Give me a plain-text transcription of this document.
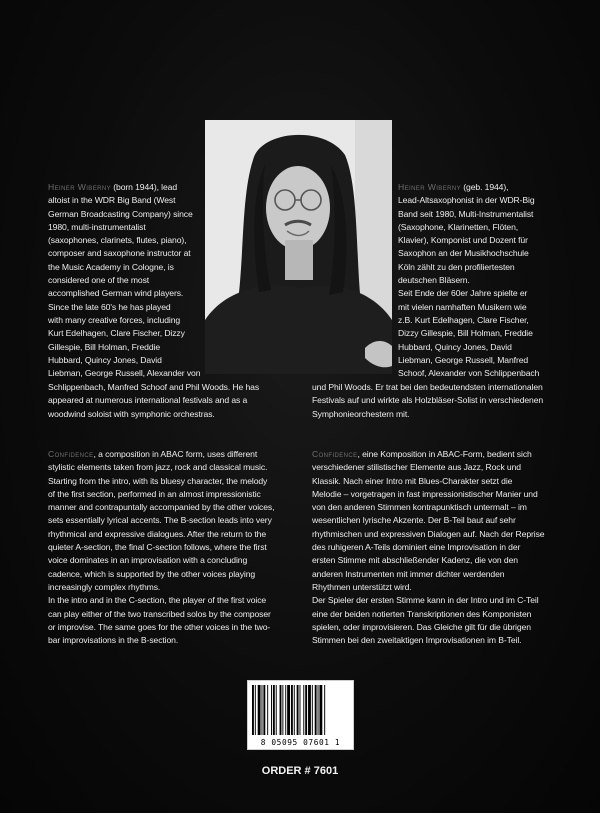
Heiner Wiberny (born 1944), lead

altoist in the WDR Big Band (West

German Broadcasting Company) since

1980, multi-instrumentalist

(saxophones, clarinets, flutes, piano),

composer and saxophone instructor at

the Music Academy in Cologne, is

considered one of the most

accomplished German wind players.

Since the late 60's he has played

with many creative forces, including

Kurt Edelhagen, Clare Fischer, Dizzy

Gillespie, Bill Holman, Freddie

Hubbard, Quincy Jones, David

Liebman, George Russell, Alexander von

Schlippenbach, Manfred Schoof and Phil Woods. He has

appeared at numerous international festivals and as a

woodwind soloist with symphonic orchestras.

Confidence, a composition in ABAC form, uses different

stylistic elements taken from jazz, rock and classical music.

Starting from the intro, with its bluesy character, the melody

of the first section, performed in an almost impressionistic

manner and contrapuntally accompanied by the other voices,

sets essentially lyrical accents. The B-section leads into very

rhythmical and expressive dialogues. After the return to the

quieter A-section, the final C-section follows, where the first

voice dominates in an improvisation with a concluding

cadence, which is supported by the other voices playing

increasingly complex rhythms.

In the intro and in the C-section, the player of the first voice

can play either of the two transcribed solos by the composer

or improvise. The same goes for the other voices in the two-

bar improvisations in the B-section.

Heiner Wiberny (geb. 1944),

Lead-Altsaxophonist in der WDR-Big

Band seit 1980, Multi-Instrumentalist

(Saxophone, Klarinetten, Flöten,

Klavier), Komponist und Dozent für

Saxophon an der Musikhochschule

Köln zählt zu den profiliertesten

deutschen Bläsern.

Seit Ende der 60er Jahre spielte er

mit vielen namhaften Musikern wie

z.B. Kurt Edelhagen, Clare Fischer,

Dizzy Gillespie, Bill Holman, Freddie

Hubbard, Quincy Jones, David

Liebman, George Russell, Manfred

Schoof, Alexander von Schlippenbach

und Phil Woods. Er trat bei den bedeutendsten internationalen

Festivals auf und wirkte als Holzbläser-Solist in verschiedenen

Symphonieorchestern mit.

Confidence, eine Komposition in ABAC-Form, bedient sich

verschiedener stilistischer Elemente aus Jazz, Rock und

Klassik. Nach einer Intro mit Blues-Charakter setzt die

Melodie – vorgetragen in fast impressionistischer Manier und

von den anderen Stimmen kontrapunktisch untermalt – im

wesentlichen lyrische Akzente. Der B-Teil baut auf sehr

rhythmischen und expressiven Dialogen auf. Nach der Reprise

des ruhigeren A-Teils dominiert eine Improvisation in der

ersten Stimme mit abschließender Kadenz, die von den

anderen Instrumenten mit immer dichter werdenden

Rhythmen unterstützt wird.

Der Spieler der ersten Stimme kann in der Intro und im C-Teil

eine der beiden notierten Transkriptionen des Komponisten

spielen, oder improvisieren. Das Gleiche gilt für die übrigen

Stimmen bei den zweitaktigen Improvisationen im B-Teil.

8 05095 07601 1
ORDER # 7601
